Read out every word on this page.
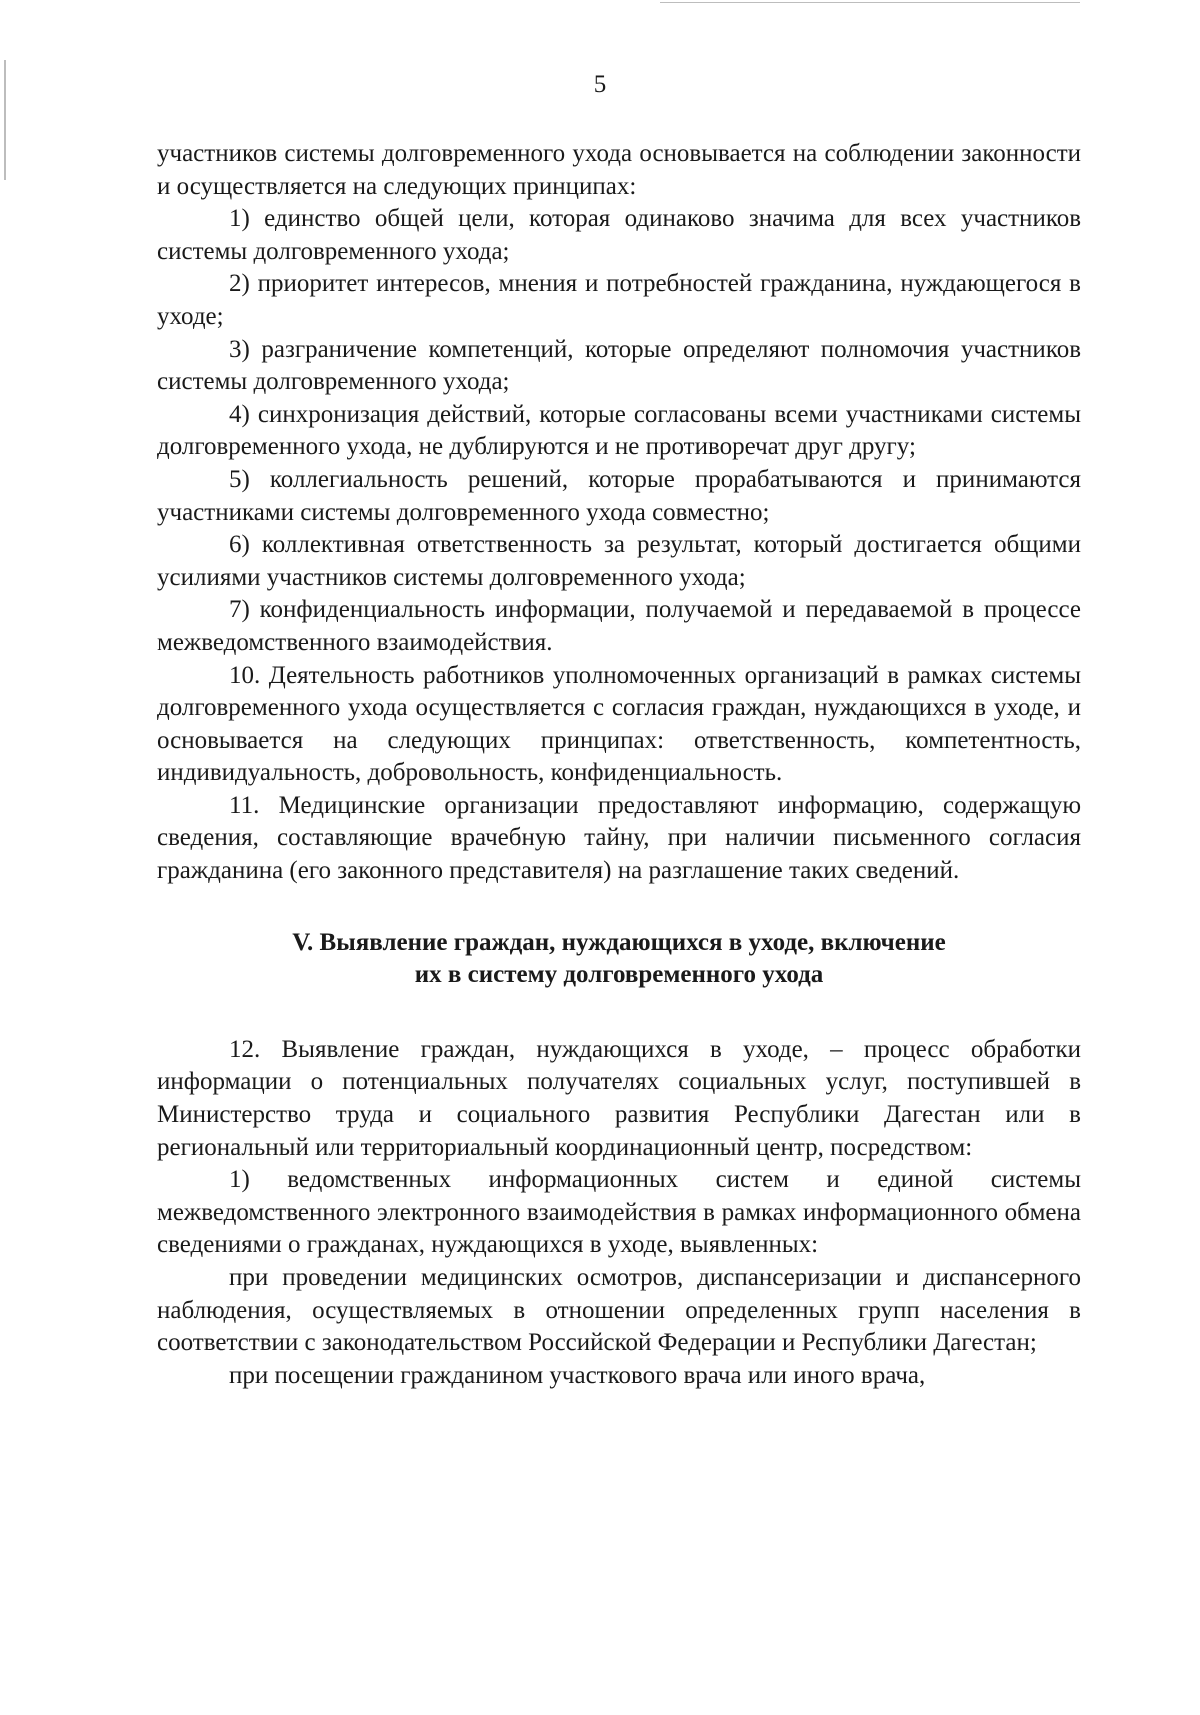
5

участников системы долговременного ухода основывается на соблюдении законности и осуществляется на следующих принципах:

1) единство общей цели, которая одинаково значима для всех участников системы долговременного ухода;

2) приоритет интересов, мнения и потребностей гражданина, нуждающегося в уходе;

3) разграничение компетенций, которые определяют полномочия участников системы долговременного ухода;

4) синхронизация действий, которые согласованы всеми участниками системы долговременного ухода, не дублируются и не противоречат друг другу;

5) коллегиальность решений, которые прорабатываются и принимаются участниками системы долговременного ухода совместно;

6) коллективная ответственность за результат, который достигается общими усилиями участников системы долговременного ухода;

7) конфиденциальность информации, получаемой и передаваемой в процессе межведомственного взаимодействия.

10. Деятельность работников уполномоченных организаций в рамках системы долговременного ухода осуществляется с согласия граждан, нуждающихся в уходе, и основывается на следующих принципах: ответственность, компетентность, индивидуальность, добровольность, конфиденциальность.

11. Медицинские организации предоставляют информацию, содержащую сведения, составляющие врачебную тайну, при наличии письменного согласия гражданина (его законного представителя) на разглашение таких сведений.

V. Выявление граждан, нуждающихся в уходе, включение

их в систему долговременного ухода

12. Выявление граждан, нуждающихся в уходе, – процесс обработки информации о потенциальных получателях социальных услуг, поступившей в Министерство труда и социального развития Республики Дагестан или в региональный или территориальный координационный центр, посредством:

1) ведомственных информационных систем и единой системы межведомственного электронного взаимодействия в рамках информационного обмена сведениями о гражданах, нуждающихся в уходе, выявленных:

при проведении медицинских осмотров, диспансеризации и диспансерного наблюдения, осуществляемых в отношении определенных групп населения в соответствии с законодательством Российской Федерации и Республики Дагестан;

при посещении гражданином участкового врача или иного врача,
